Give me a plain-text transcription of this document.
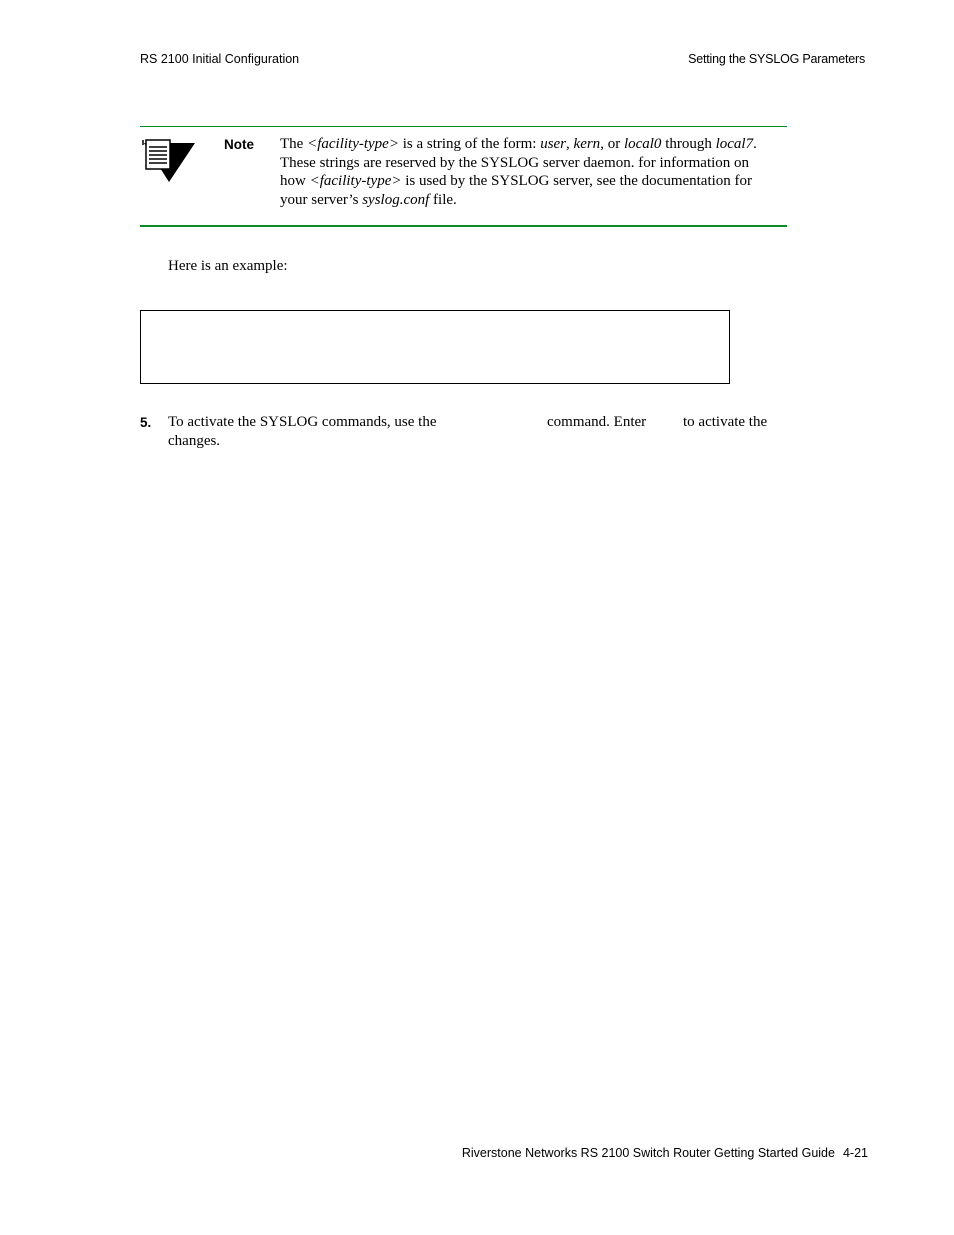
RS 2100 Initial Configuration	Setting the SYSLOG Parameters
Note The <facility-type> is a string of the form: user, kern, or local0 through local7.
These strings are reserved by the SYSLOG server daemon. for information on
how <facility-type> is used by the SYSLOG server, see the documentation for
your server’s syslog.conf file.
Here is an example:
5. To activate the SYSLOG commands, use the	command. Enter to activate the
changes.
Riverstone Networks RS 2100 Switch Router Getting Started Guide 4-21
